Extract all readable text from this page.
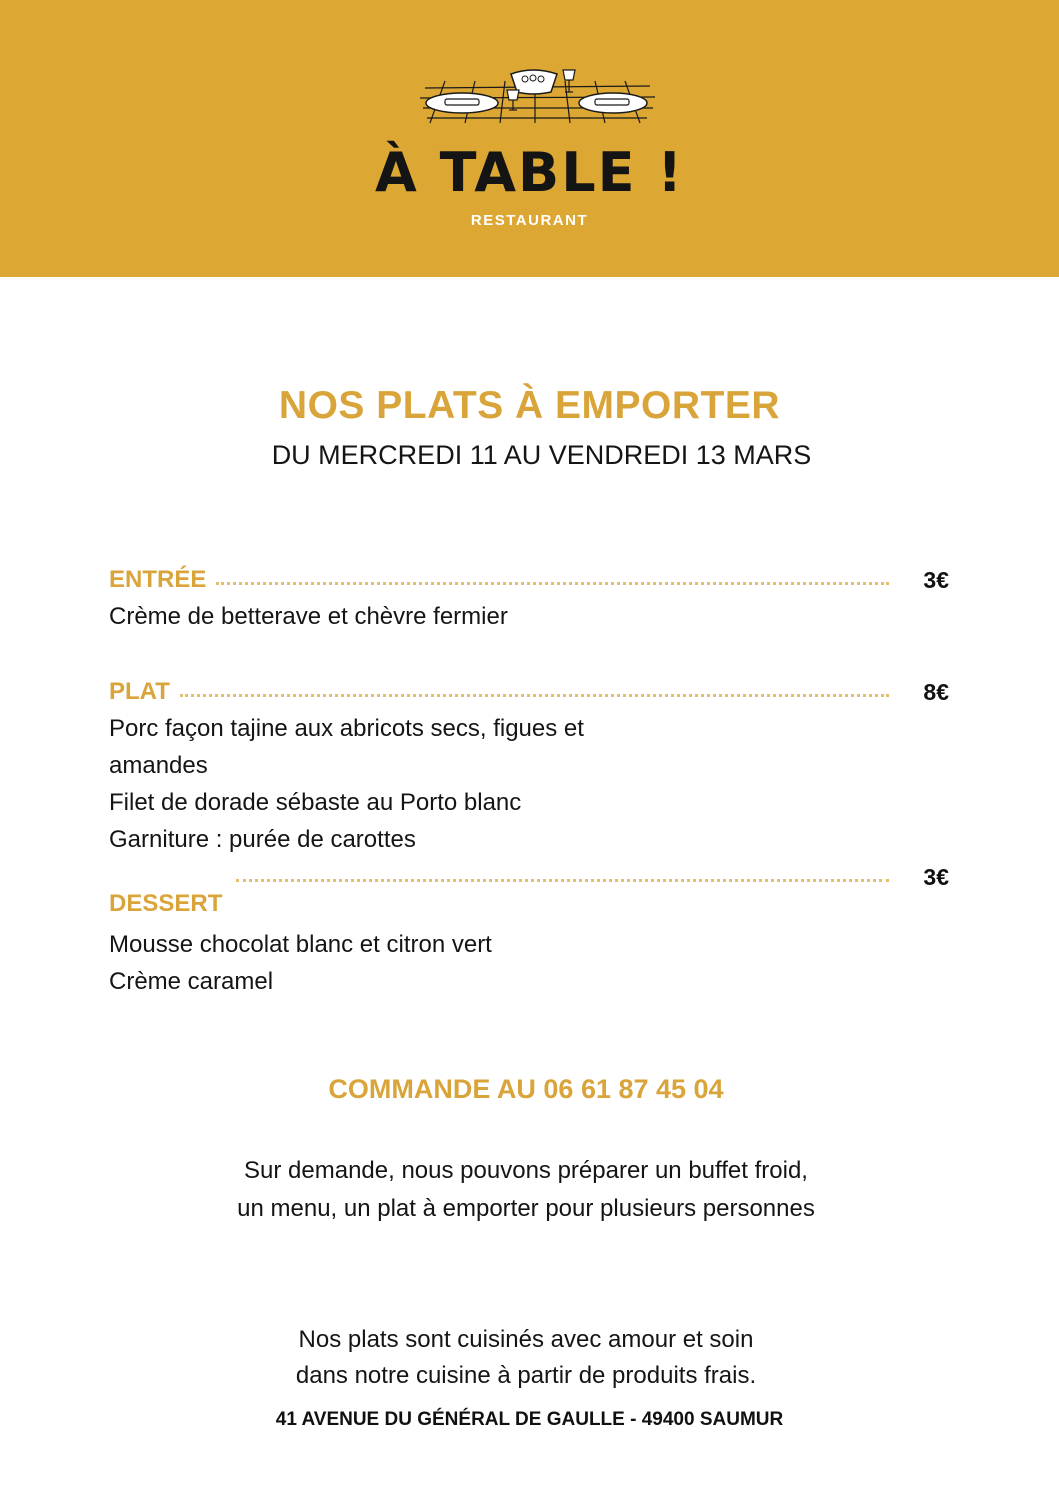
À TABLE !
RESTAURANT
NOS PLATS À EMPORTER
DU MERCREDI 11 AU VENDREDI 13 MARS
ENTRÉE	3€
Crème de betterave et chèvre fermier
PLAT	8€
Porc façon tajine aux abricots secs, figues et
amandes
Filet de dorade sébaste au Porto blanc
Garniture : purée de carottes
3€
DESSERT
Mousse chocolat blanc et citron vert
Crème caramel
COMMANDE AU 06 61 87 45 04
Sur demande, nous pouvons préparer un buffet froid,
un menu, un plat à emporter pour plusieurs personnes
Nos plats sont cuisinés avec amour et soin
dans notre cuisine à partir de produits frais.
41 AVENUE DU GÉNÉRAL DE GAULLE - 49400 SAUMUR
